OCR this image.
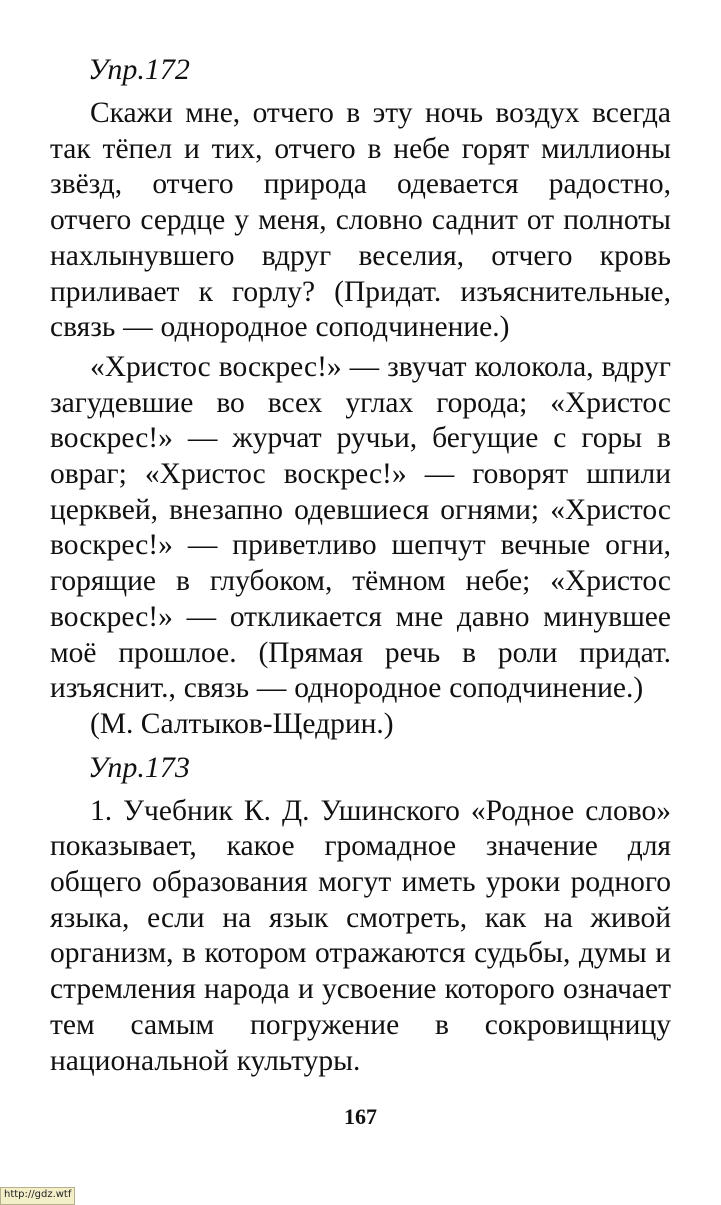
Упр.172

Скажи мне, отчего в эту ночь воздух всегда так тёпел и тих, отчего в небе горят миллионы звёзд, отчего природа одевается радостно, отчего сердце у меня, словно саднит от полноты нахлынувшего вдруг веселия, отчего кровь приливает к горлу? (Придат. изъяснительные, связь — однородное соподчинение.)

«Христос воскрес!» — звучат колокола, вдруг загудевшие во всех углах города; «Христос воскрес!» — журчат ручьи, бегущие с горы в овраг; «Христос воскрес!» — говорят шпили церквей, внезапно одевшиеся огнями; «Христос воскрес!» — приветливо шепчут вечные огни, горящие в глубоком, тёмном небе; «Христос воскрес!» — откликается мне давно минувшее моё прошлое. (Прямая речь в роли придат. изъяснит., связь — однородное соподчинение.)

(М. Салтыков-Щедрин.)

Упр.173

1. Учебник К. Д. Ушинского «Родное слово» показывает, какое громадное значение для общего образования могут иметь уроки родного языка, если на язык смотреть, как на живой организм, в котором отражаются судьбы, думы и стремления народа и усвоение которого означает тем самым погружение в сокровищницу национальной культуры.

167
http://gdz.wtf
